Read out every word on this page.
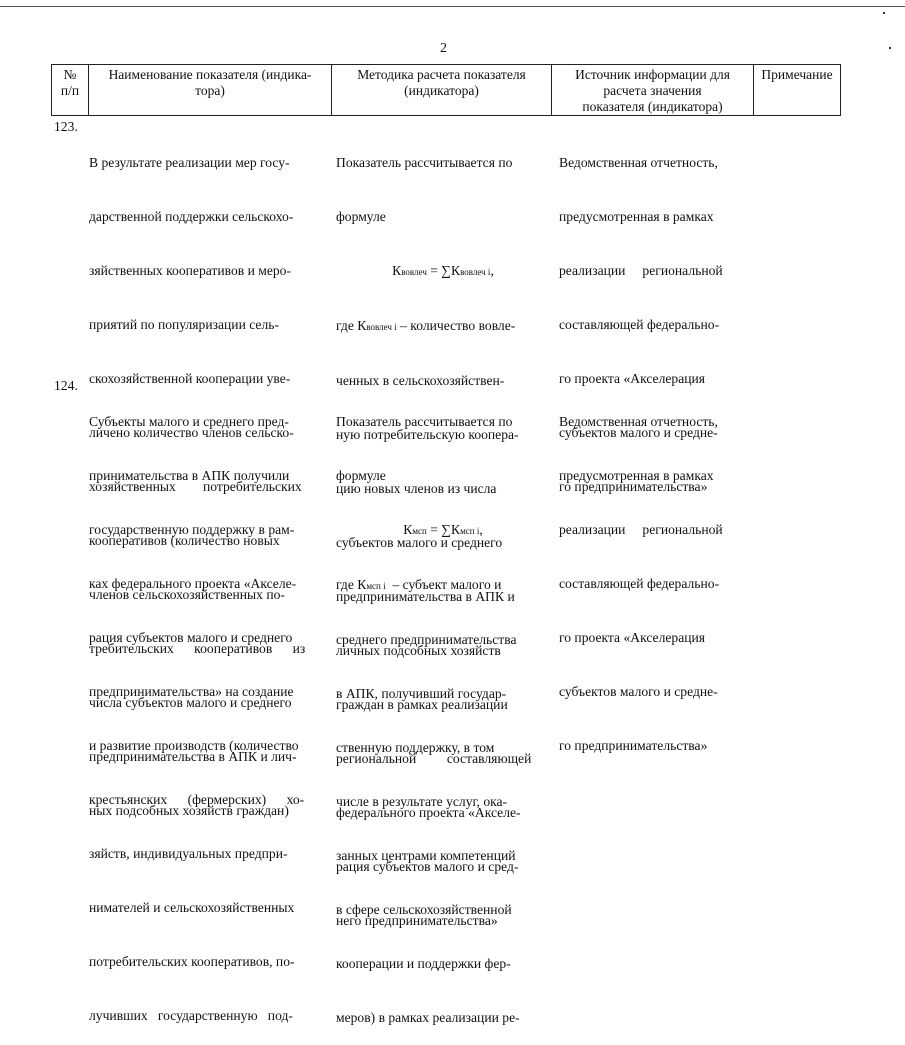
2
№
п/п
Наименование показателя (индика-
тора)
Методика расчета показателя
(индикатора)
Источник информации для
расчета значения
показателя (индикатора)
Примечание
123.

В результате реализации мер госу-

дарственной поддержки сельскохо-

зяйственных кооперативов и меро-

приятий по популяризации сель-

скохозяйственной кооперации уве-

личено количество членов сельско-

хозяйственных        потребительских

кооперативов (количество новых

членов сельскохозяйственных по-

требительских      кооперативов      из

числа субъектов малого и среднего

предпринимательства в АПК и лич-

ных подсобных хозяйств граждан)

Показатель рассчитывается по

формуле

Квовлеч = ∑Квовлеч i,

где Квовлеч i – количество вовле-

ченных в сельскохозяйствен-

ную потребительскую коопера-

цию новых членов из числа

субъектов малого и среднего

предпринимательства в АПК и

личных подсобных хозяйств

граждан в рамках реализации

региональной         составляющей

федерального проекта «Акселе-

рация субъектов малого и сред-

него предпринимательства»

Ведомственная отчетность,

предусмотренная в рамках

реализации     региональной

составляющей федерально-

го проекта «Акселерация

субъектов малого и средне-

го предпринимательства»

124.

Субъекты малого и среднего пред-

принимательства в АПК получили

государственную поддержку в рам-

ках федерального проекта «Акселе-

рация субъектов малого и среднего

предпринимательства» на создание

и развитие производств (количество

крестьянских      (фермерских)      хо-

зяйств, индивидуальных предпри-

нимателей и сельскохозяйственных

потребительских кооперативов, по-

лучивших   государственную   под-

Показатель рассчитывается по

формуле

Кмсп = ∑Кмсп i,

где Кмсп i  – субъект малого и

среднего предпринимательства

в АПК, получивший государ-

ственную поддержку, в том

числе в результате услуг, ока-

занных центрами компетенций

в сфере сельскохозяйственной

кооперации и поддержки фер-

меров) в рамках реализации ре-

Ведомственная отчетность,

предусмотренная в рамках

реализации     региональной

составляющей федерально-

го проекта «Акселерация

субъектов малого и средне-

го предпринимательства»
